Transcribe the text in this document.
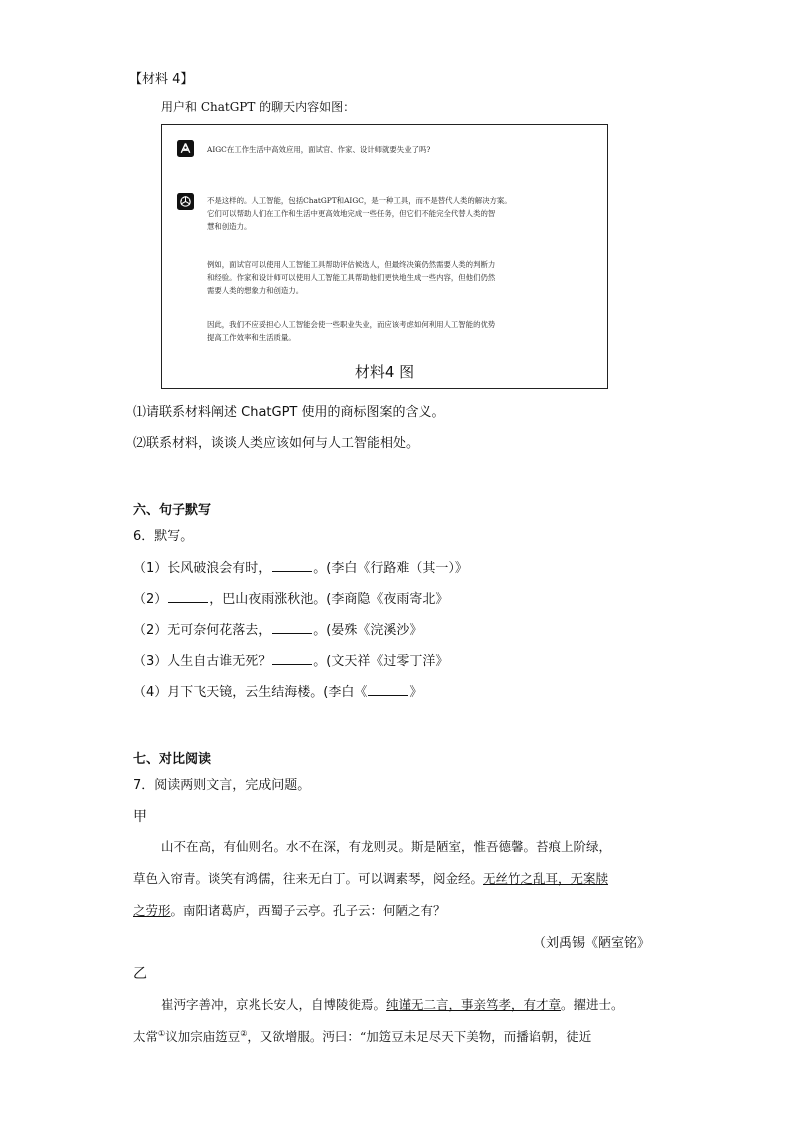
【材料 4】
用户和 ChatGPT 的聊天内容如图：
AIGC在工作生活中高效应用，面试官、作家、设计师就要失业了吗?
不是这样的。人工智能，包括ChatGPT和AIGC，是一种工具，而不是替代人类的解决方案。
它们可以帮助人们在工作和生活中更高效地完成一些任务，但它们不能完全代替人类的智
慧和创造力。
例如，面试官可以使用人工智能工具帮助评估候选人，但最终决策仍然需要人类的判断力
和经验。作家和设计师可以使用人工智能工具帮助他们更快地生成一些内容，但他们仍然
需要人类的想象力和创造力。
因此，我们不应妥担心人工智能会使一些职业失业，而应该考虑如何利用人工智能的优势
提高工作效率和生活质量。
材料4 图
⑴请联系材料阐述 ChatGPT 使用的商标图案的含义。
⑵联系材料，谈谈人类应该如何与人工智能相处。
六、句子默写
6．默写。
（1）长风破浪会有时，	。(李白《行路难（其一）》
（2）	，巴山夜雨涨秋池。(李商隐《夜雨寄北》
（2）无可奈何花落去，	。(晏殊《浣溪沙》
（3）人生自古谁无死？	。(文天祥《过零丁洋》
（4）月下飞天镜，云生结海楼。(李白《	》
七、对比阅读
7．阅读两则文言，完成问题。
甲
山不在高，有仙则名。水不在深，有龙则灵。斯是陋室，惟吾德馨。苔痕上阶绿，
草色入帘青。谈笑有鸿儒，往来无白丁。可以调素琴，阅金经。无丝竹之乱耳，无案牍
之劳形。南阳诸葛庐，西蜀子云亭。孔子云：何陋之有？
（刘禹锡《陋室铭》
乙
崔沔字善冲，京兆长安人，自博陵徙焉。纯谨无二言，事亲笃孝，有才章。擢进士。
太常①议加宗庙笾豆②，又欲增服。沔曰：“加笾豆未足尽天下美物，而播谄朝，徒近
